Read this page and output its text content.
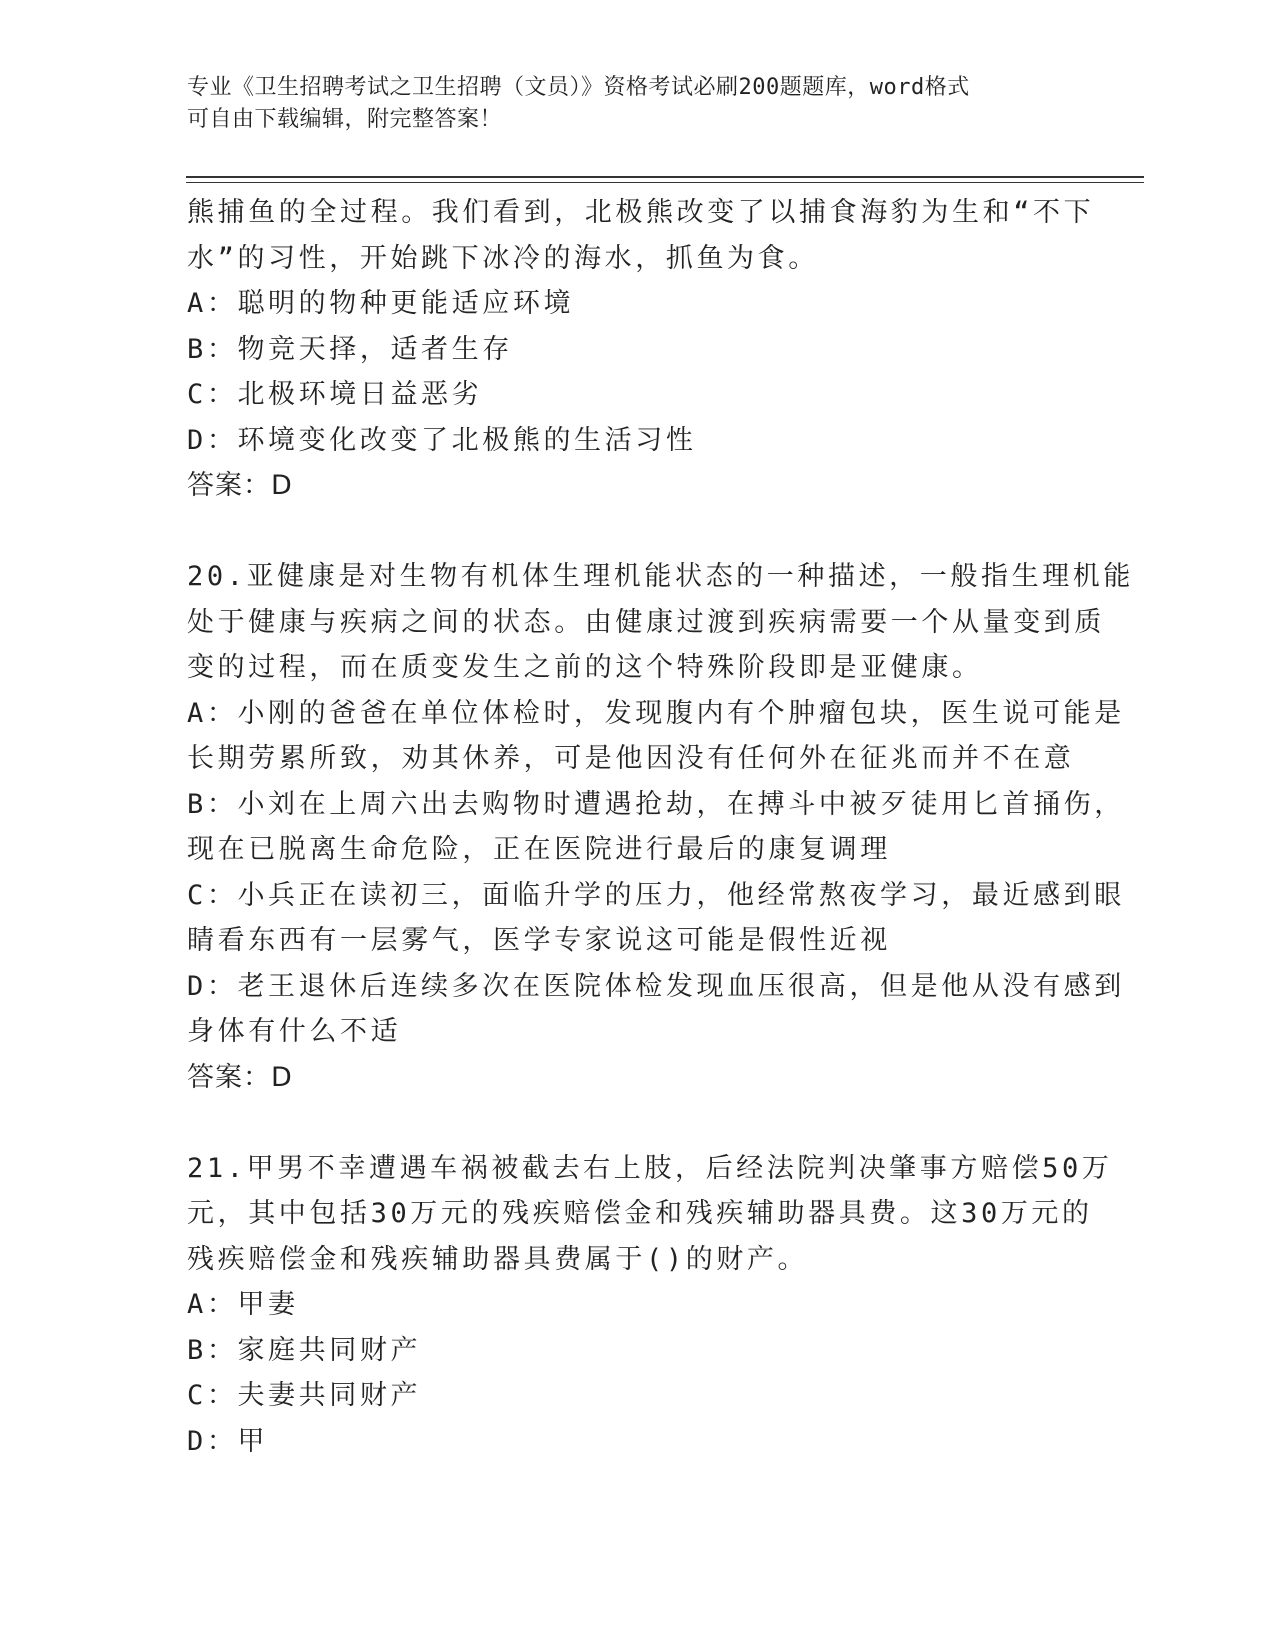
专业《卫生招聘考试之卫生招聘（文员）》资格考试必刷200题题库，word格式
可自由下载编辑，附完整答案！
熊捕鱼的全过程。我们看到，北极熊改变了以捕食海豹为生和“不下
水”的习性，开始跳下冰冷的海水，抓鱼为食。
A：聪明的物种更能适应环境
B：物竞天择，适者生存
C：北极环境日益恶劣
D：环境变化改变了北极熊的生活习性
答案：D
20.亚健康是对生物有机体生理机能状态的一种描述，一般指生理机能
处于健康与疾病之间的状态。由健康过渡到疾病需要一个从量变到质
变的过程，而在质变发生之前的这个特殊阶段即是亚健康。
A：小刚的爸爸在单位体检时，发现腹内有个肿瘤包块，医生说可能是
长期劳累所致，劝其休养，可是他因没有任何外在征兆而并不在意
B：小刘在上周六出去购物时遭遇抢劫，在搏斗中被歹徒用匕首捅伤，
现在已脱离生命危险，正在医院进行最后的康复调理
C：小兵正在读初三，面临升学的压力，他经常熬夜学习，最近感到眼
睛看东西有一层雾气，医学专家说这可能是假性近视
D：老王退休后连续多次在医院体检发现血压很高，但是他从没有感到
身体有什么不适
答案：D
21.甲男不幸遭遇车祸被截去右上肢，后经法院判决肇事方赔偿50万
元，其中包括30万元的残疾赔偿金和残疾辅助器具费。这30万元的
残疾赔偿金和残疾辅助器具费属于()的财产。
A：甲妻
B：家庭共同财产
C：夫妻共同财产
D：甲
